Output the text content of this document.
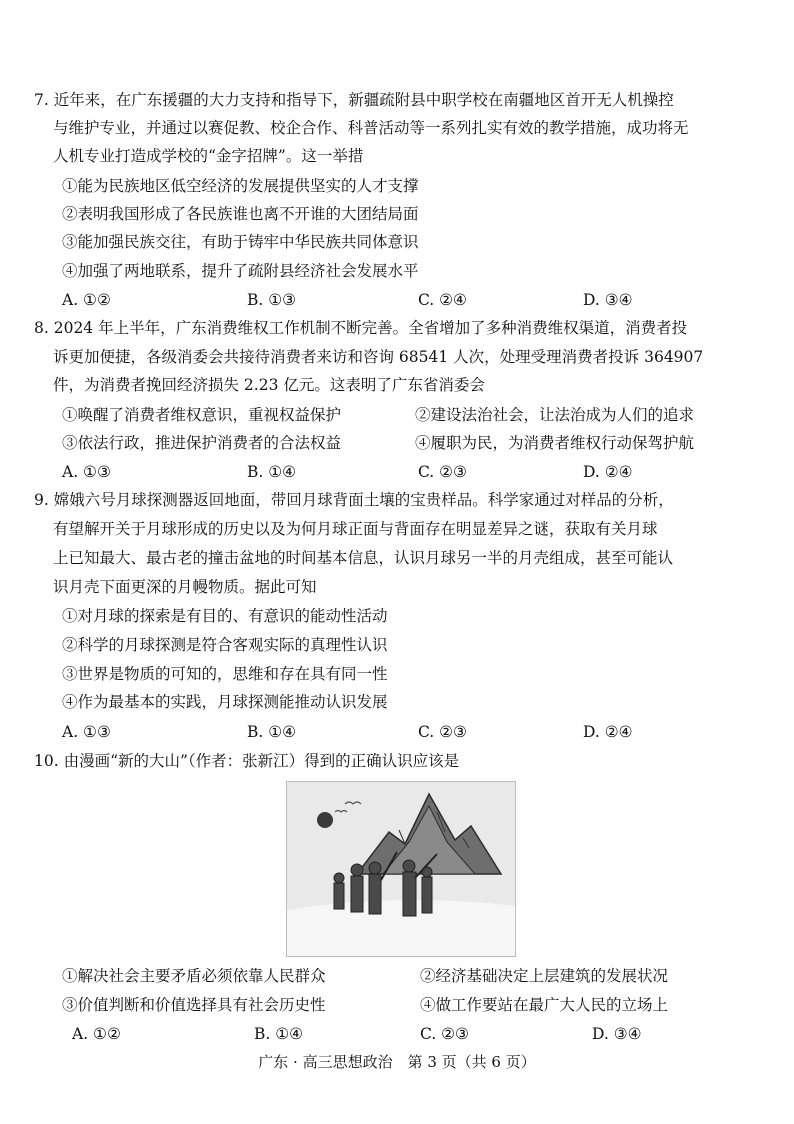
7. 近年来，在广东援疆的大力支持和指导下，新疆疏附县中职学校在南疆地区首开无人机操控
与维护专业，并通过以赛促教、校企合作、科普活动等一系列扎实有效的教学措施，成功将无
人机专业打造成学校的“金字招牌”。这一举措
①能为民族地区低空经济的发展提供坚实的人才支撑
②表明我国形成了各民族谁也离不开谁的大团结局面
③能加强民族交往，有助于铸牢中华民族共同体意识
④加强了两地联系，提升了疏附县经济社会发展水平
A. ①②	B. ①③	C. ②④	D. ③④
8. 2024 年上半年，广东消费维权工作机制不断完善。全省增加了多种消费维权渠道，消费者投
诉更加便捷，各级消委会共接待消费者来访和咨询 68541 人次，处理受理消费者投诉 364907
件，为消费者挽回经济损失 2.23 亿元。这表明了广东省消委会
①唤醒了消费者维权意识，重视权益保护	②建设法治社会，让法治成为人们的追求
③依法行政，推进保护消费者的合法权益	④履职为民，为消费者维权行动保驾护航
A. ①③	B. ①④	C. ②③	D. ②④
9. 嫦娥六号月球探测器返回地面，带回月球背面土壤的宝贵样品。科学家通过对样品的分析，
有望解开关于月球形成的历史以及为何月球正面与背面存在明显差异之谜，获取有关月球
上已知最大、最古老的撞击盆地的时间基本信息，认识月球另一半的月壳组成，甚至可能认
识月壳下面更深的月幔物质。据此可知
①对月球的探索是有目的、有意识的能动性活动
②科学的月球探测是符合客观实际的真理性认识
③世界是物质的可知的，思维和存在具有同一性
④作为最基本的实践，月球探测能推动认识发展
A. ①③	B. ①④	C. ②③	D. ②④
10. 由漫画“新的大山”（作者：张新江）得到的正确认识应该是
①解决社会主要矛盾必须依靠人民群众	②经济基础决定上层建筑的发展状况
③价值判断和价值选择具有社会历史性	④做工作要站在最广大人民的立场上
A. ①②	B. ①④	C. ②③	D. ③④
广东 · 高三思想政治　第 3 页（共 6 页）
